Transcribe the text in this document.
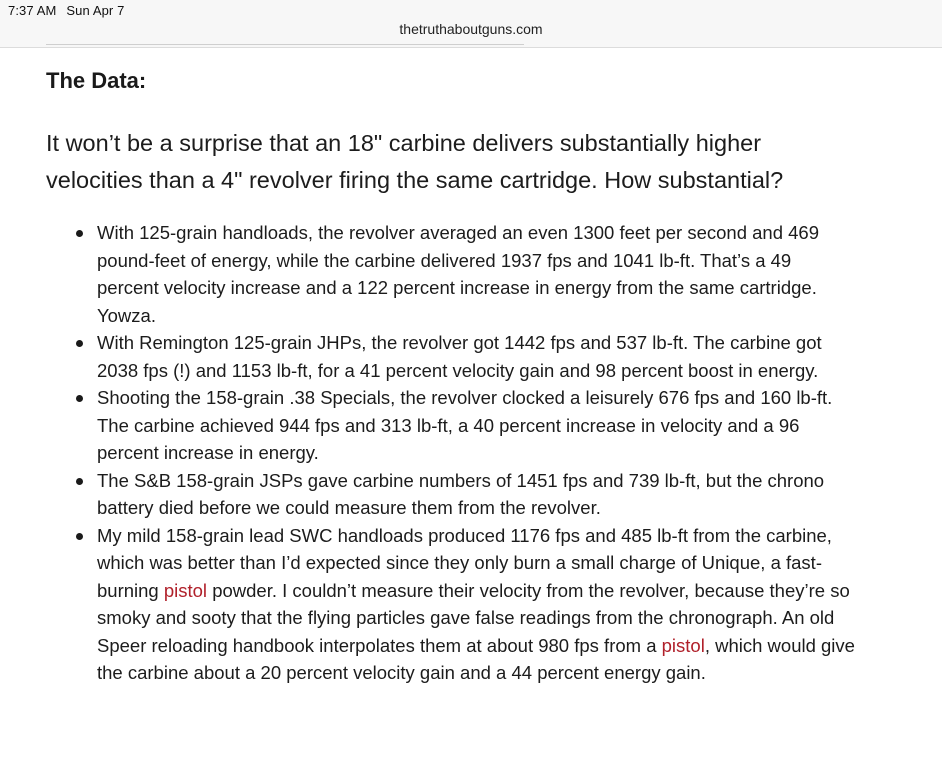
7:37 AM Sun Apr 7
thetruthaboutguns.com
The Data:

It won’t be a surprise that an 18" carbine delivers substantially higher velocities than a 4" revolver firing the same cartridge. How substantial?

With 125-grain handloads, the revolver averaged an even 1300 feet per second and 469 pound-feet of energy, while the carbine delivered 1937 fps and 1041 lb-ft. That’s a 49 percent velocity increase and a 122 percent increase in energy from the same cartridge. Yowza.
With Remington 125-grain JHPs, the revolver got 1442 fps and 537 lb-ft. The carbine got 2038 fps (!) and 1153 lb-ft, for a 41 percent velocity gain and 98 percent boost in energy.
Shooting the 158-grain .38 Specials, the revolver clocked a leisurely 676 fps and 160 lb-ft. The carbine achieved 944 fps and 313 lb-ft, a 40 percent increase in velocity and a 96 percent increase in energy.
The S&B 158-grain JSPs gave carbine numbers of 1451 fps and 739 lb-ft, but the chrono battery died before we could measure them from the revolver.
My mild 158-grain lead SWC handloads produced 1176 fps and 485 lb-ft from the carbine, which was better than I’d expected since they only burn a small charge of Unique, a fast-burning pistol powder. I couldn’t measure their velocity from the revolver, because they’re so smoky and sooty that the flying particles gave false readings from the chronograph. An old Speer reloading handbook interpolates them at about 980 fps from a pistol, which would give the carbine about a 20 percent velocity gain and a 44 percent energy gain.
